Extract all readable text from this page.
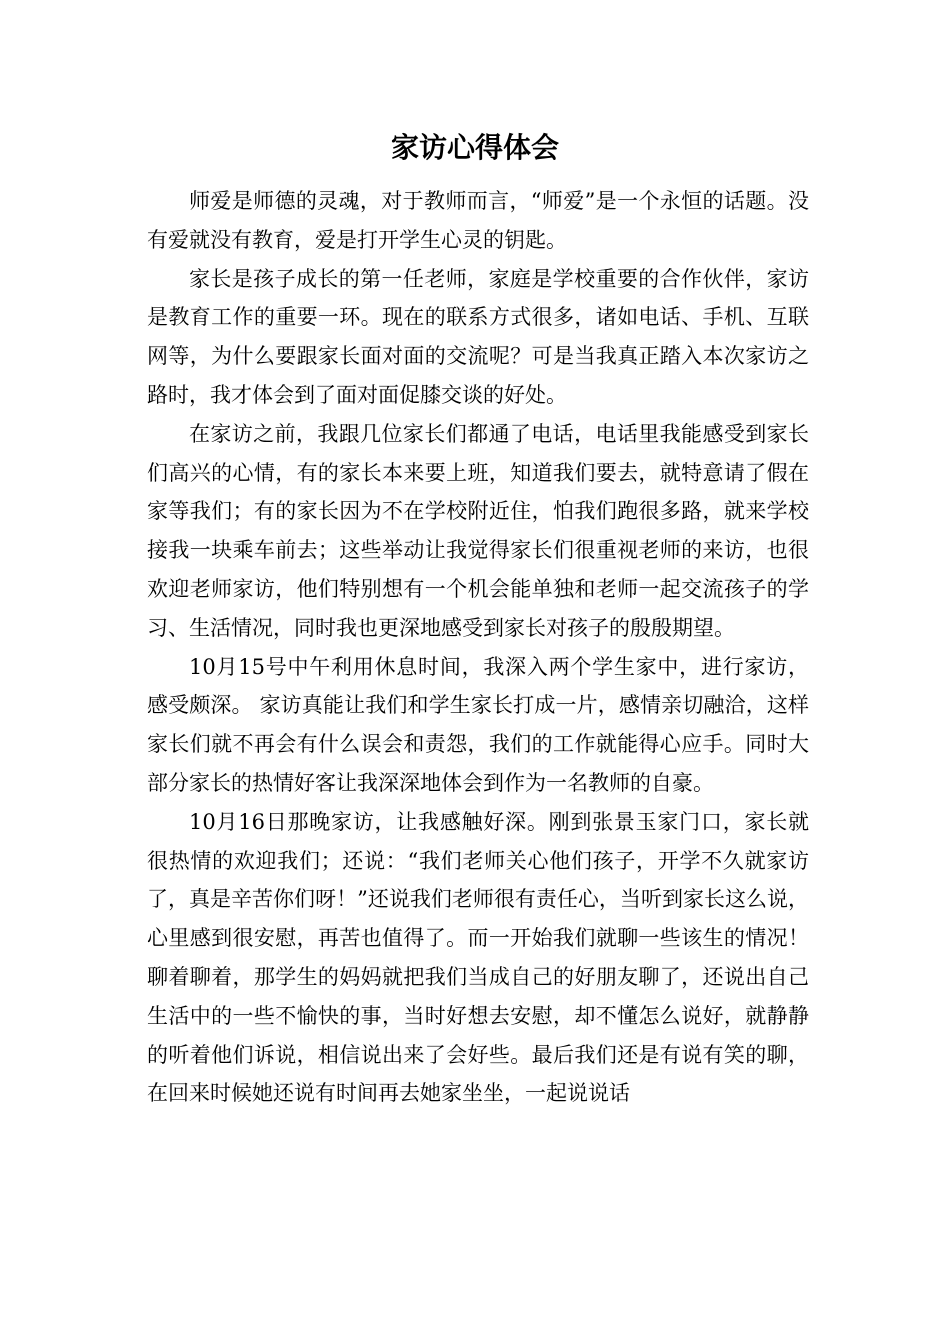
家访心得体会

师爱是师德的灵魂，对于教师而言，“师爱”是一个永恒的话题。没有爱就没有教育，爱是打开学生心灵的钥匙。

家长是孩子成长的第一任老师，家庭是学校重要的合作伙伴，家访是教育工作的重要一环。现在的联系方式很多，诸如电话、手机、互联网等，为什么要跟家长面对面的交流呢？可是当我真正踏入本次家访之路时，我才体会到了面对面促膝交谈的好处。

在家访之前，我跟几位家长们都通了电话，电话里我能感受到家长们高兴的心情，有的家长本来要上班，知道我们要去，就特意请了假在家等我们；有的家长因为不在学校附近住，怕我们跑很多路，就来学校接我一块乘车前去；这些举动让我觉得家长们很重视老师的来访，也很欢迎老师家访，他们特别想有一个机会能单独和老师一起交流孩子的学习、生活情况，同时我也更深地感受到家长对孩子的殷殷期望。

10月15号中午利用休息时间，我深入两个学生家中，进行家访，感受颇深。 家访真能让我们和学生家长打成一片，感情亲切融洽，这样家长们就不再会有什么误会和责怨，我们的工作就能得心应手。同时大部分家长的热情好客让我深深地体会到作为一名教师的自豪。

10月16日那晚家访，让我感触好深。刚到张景玉家门口，家长就很热情的欢迎我们；还说：“我们老师关心他们孩子，开学不久就家访了，真是辛苦你们呀！”还说我们老师很有责任心，当听到家长这么说，心里感到很安慰，再苦也值得了。而一开始我们就聊一些该生的情况！聊着聊着，那学生的妈妈就把我们当成自己的好朋友聊了，还说出自己生活中的一些不愉快的事，当时好想去安慰，却不懂怎么说好，就静静的听着他们诉说，相信说出来了会好些。最后我们还是有说有笑的聊，在回来时候她还说有时间再去她家坐坐，一起说说话
